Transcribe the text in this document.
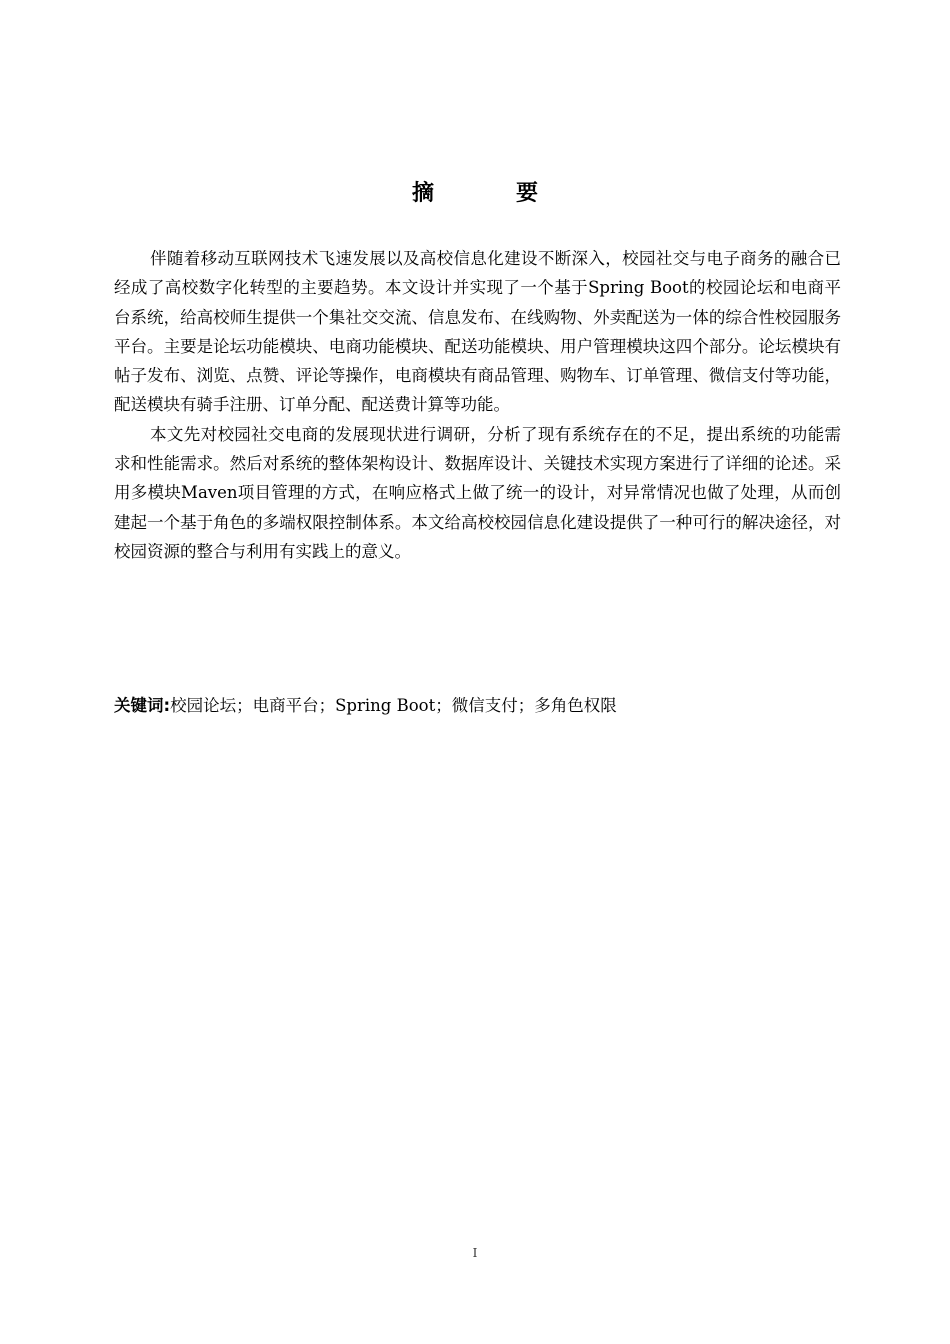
摘　要

伴随着移动互联网技术飞速发展以及高校信息化建设不断深入，校园社交与电子商务的融合已经成了高校数字化转型的主要趋势。本文设计并实现了一个基于Spring Boot的校园论坛和电商平台系统，给高校师生提供一个集社交交流、信息发布、在线购物、外卖配送为一体的综合性校园服务平台。主要是论坛功能模块、电商功能模块、配送功能模块、用户管理模块这四个部分。论坛模块有帖子发布、浏览、点赞、评论等操作，电商模块有商品管理、购物车、订单管理、微信支付等功能，配送模块有骑手注册、订单分配、配送费计算等功能。

本文先对校园社交电商的发展现状进行调研，分析了现有系统存在的不足，提出系统的功能需求和性能需求。然后对系统的整体架构设计、数据库设计、关键技术实现方案进行了详细的论述。采用多模块Maven项目管理的方式，在响应格式上做了统一的设计，对异常情况也做了处理，从而创建起一个基于角色的多端权限控制体系。本文给高校校园信息化建设提供了一种可行的解决途径，对校园资源的整合与利用有实践上的意义。

关键词:校园论坛；电商平台；Spring Boot；微信支付；多角色权限
I
